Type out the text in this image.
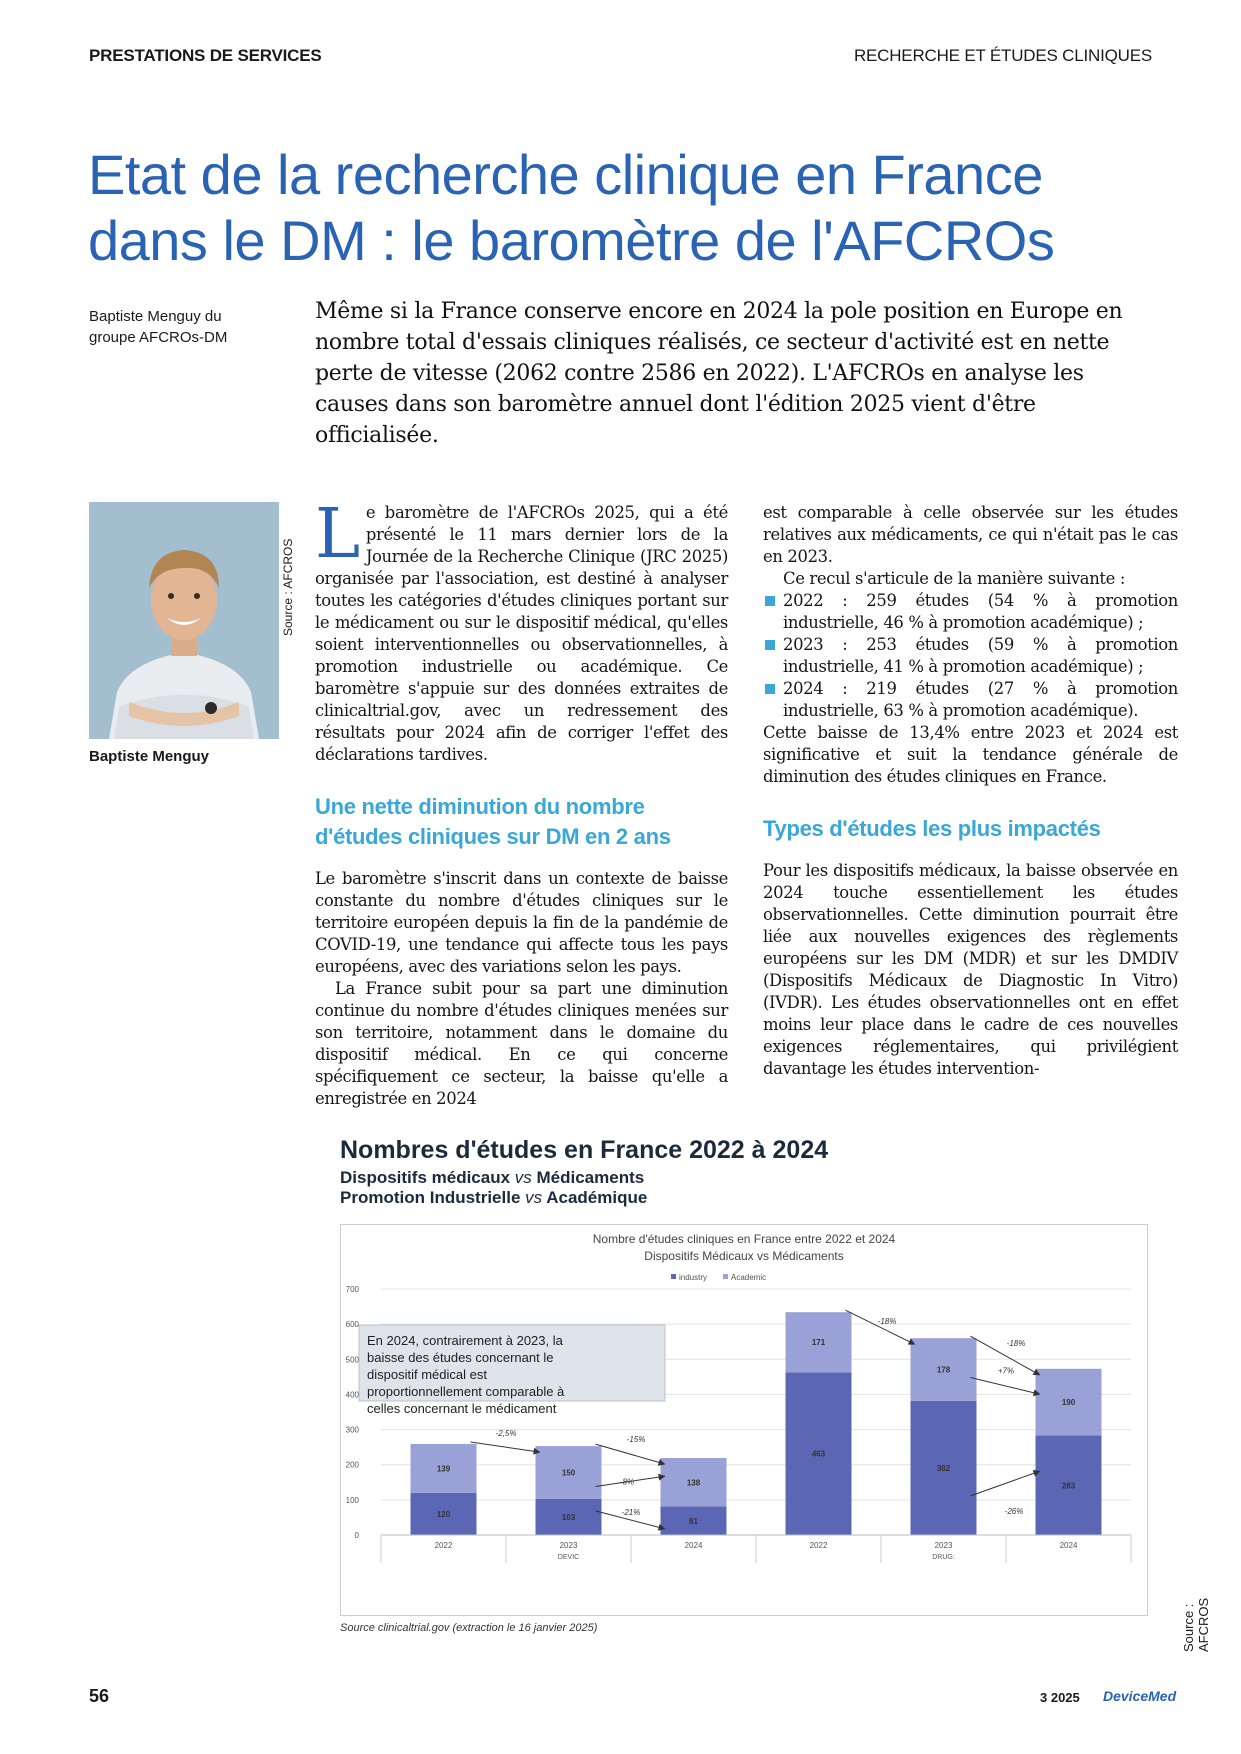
PRESTATIONS DE SERVICES	RECHERCHE ET ÉTUDES CLINIQUES
Etat de la recherche clinique en France
dans le DM : le baromètre de l'AFCROs
Baptiste Menguy du
groupe AFCROs-DM
Même si la France conserve encore en 2024 la pole position en Europe en nombre total d'essais cliniques réalisés, ce secteur d'activité est en nette perte de vitesse (2062 contre 2586 en 2022). L'AFCROs en analyse les causes dans son baromètre annuel dont l'édition 2025 vient d'être officialisée.
Source : AFCROS
Baptiste Menguy

Le baromètre de l'AFCROs 2025, qui a été présenté le 11 mars dernier lors de la Journée de la Recherche Clinique (JRC 2025) organisée par l'association, est destiné à analyser toutes les catégories d'études cliniques portant sur le médicament ou sur le dispositif médical, qu'elles soient interventionnelles ou observationnelles, à promotion industrielle ou académique. Ce baromètre s'appuie sur des données extraites de clinicaltrial.gov, avec un redressement des résultats pour 2024 afin de corriger l'effet des déclarations tardives.

Une nette diminution du nombre d'études cliniques sur DM en 2 ans

Le baromètre s'inscrit dans un contexte de baisse constante du nombre d'études cliniques sur le territoire européen depuis la fin de la pandémie de COVID-19, une tendance qui affecte tous les pays européens, avec des variations selon les pays.

La France subit pour sa part une diminution continue du nombre d'études cliniques menées sur son territoire, notamment dans le domaine du dispositif médical. En ce qui concerne spécifiquement ce secteur, la baisse qu'elle a enregistrée en 2024

est comparable à celle observée sur les études relatives aux médicaments, ce qui n'était pas le cas en 2023.

Ce recul s'articule de la manière suivante :

2022 : 259 études (54 % à promotion industrielle, 46 % à promotion académique) ;

2023 : 253 études (59 % à promotion industrielle, 41 % à promotion académique) ;

2024 : 219 études (27 % à promotion industrielle, 63 % à promotion académique).

Cette baisse de 13,4% entre 2023 et 2024 est significative et suit la tendance générale de diminution des études cliniques en France.

Types d'études les plus impactés

Pour les dispositifs médicaux, la baisse observée en 2024 touche essentiellement les études observationnelles. Cette diminution pourrait être liée aux nouvelles exigences des règlements européens sur les DM (MDR) et sur les DMDIV (Dispositifs Médicaux de Diagnostic In Vitro) (IVDR). Les études observationnelles ont en effet moins leur place dans le cadre de ces nouvelles exigences réglementaires, qui privilégient davantage les études intervention-

Nombres d'études en France 2022 à 2024
Dispositifs médicaux vs Médicaments
Promotion Industrielle vs Académique
Nombre d'études cliniques en France entre 2022 et 2024
Dispositifs Médicaux vs Médicaments
industry	Academic
0
100
200
300
400
500
600
700
120
139
103
150
81
138
463
171
382
178
283
190
2022	2023	2024	2022	2023	2024
DEVIC	DRUG:
En 2024, contrairement à 2023, la
baisse des études concernant le
dispositif médical est
proportionnellement comparable à
celles concernant le médicament
-2,5%
-15%
-8%
-21%
-18%
-18%
+7%
-26%
Source clinicaltrial.gov (extraction le 16 janvier 2025)	Source : AFCROS
56	3 2025 DeviceMed
